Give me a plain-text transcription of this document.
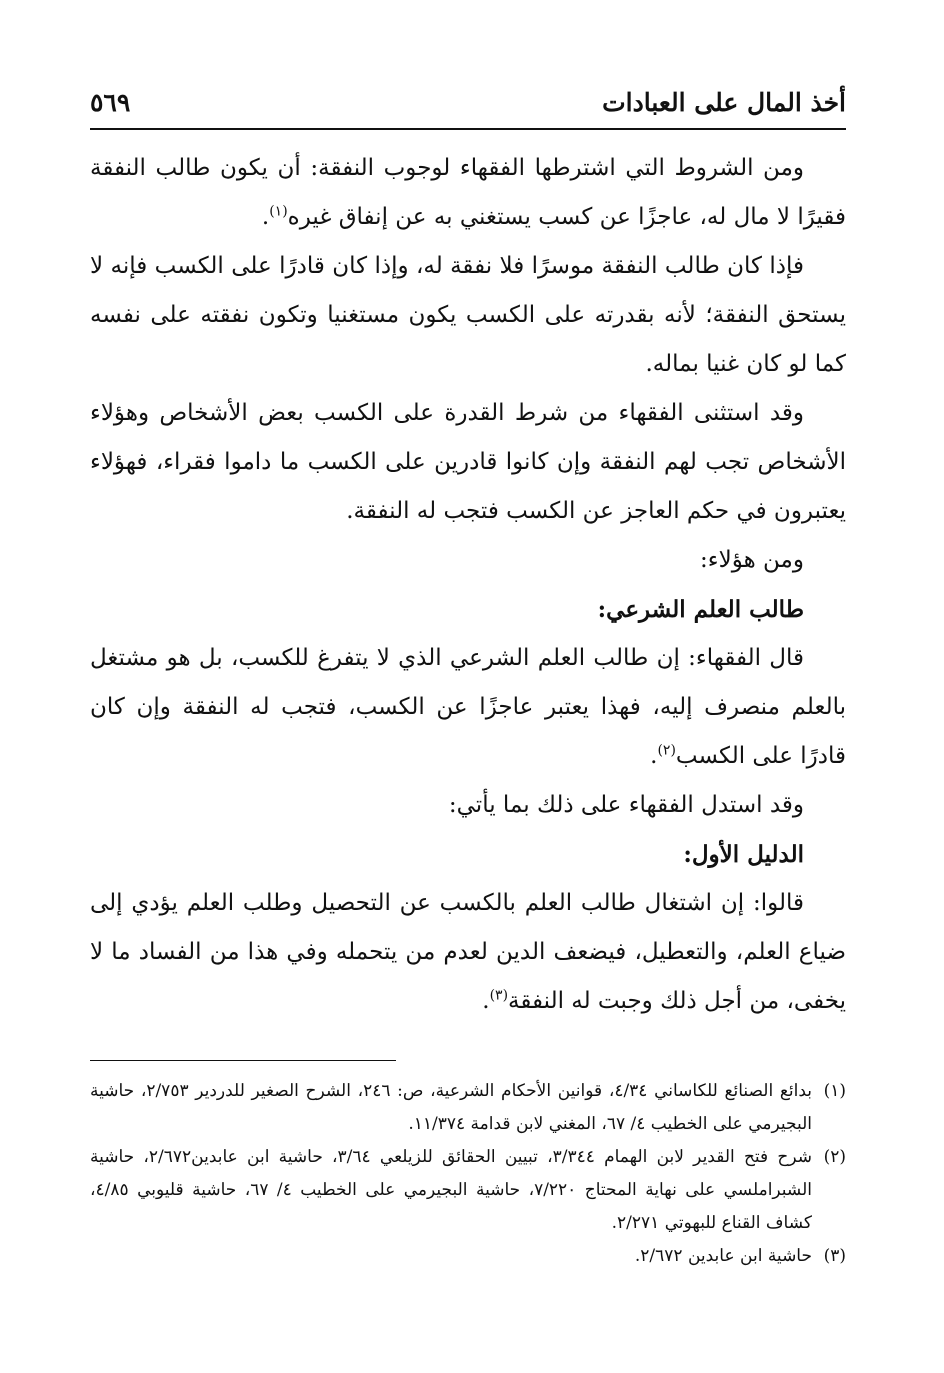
أخذ المال على العبادات
٥٦٩

ومن الشروط التي اشترطها الفقهاء لوجوب النفقة: أن يكون طالب النفقة فقيرًا لا مال له، عاجزًا عن كسب يستغني به عن إنفاق غيره$^{(١)}$.

فإذا كان طالب النفقة موسرًا فلا نفقة له، وإذا كان قادرًا على الكسب فإنه لا يستحق النفقة؛ لأنه بقدرته على الكسب يكون مستغنيا وتكون نفقته على نفسه كما لو كان غنيا بماله.

وقد استثنى الفقهاء من شرط القدرة على الكسب بعض الأشخاص وهؤلاء الأشخاص تجب لهم النفقة وإن كانوا قادرين على الكسب ما داموا فقراء، فهؤلاء يعتبرون في حكم العاجز عن الكسب فتجب له النفقة.

ومن هؤلاء:

طالب العلم الشرعي:

قال الفقهاء: إن طالب العلم الشرعي الذي لا يتفرغ للكسب، بل هو مشتغل بالعلم منصرف إليه، فهذا يعتبر عاجزًا عن الكسب، فتجب له النفقة وإن كان قادرًا على الكسب$^{(٢)}$.

وقد استدل الفقهاء على ذلك بما يأتي:

الدليل الأول:

قالوا: إن اشتغال طالب العلم بالكسب عن التحصيل وطلب العلم يؤدي إلى ضياع العلم، والتعطيل، فيضعف الدين لعدم من يتحمله وفي هذا من الفساد ما لا يخفى، من أجل ذلك وجبت له النفقة$^{(٣)}$.

(١)
بدائع الصنائع للكاساني ٤/٣٤، قوانين الأحكام الشرعية، ص: ٢٤٦، الشرح الصغير للدردير ٢/٧٥٣، حاشية البجيرمي على الخطيب ٤/ ٦٧، المغني لابن قدامة ١١/٣٧٤.
(٢)
شرح فتح القدير لابن الهمام ٣/٣٤٤، تبيين الحقائق للزيلعي ٣/٦٤، حاشية ابن عابدين٢/٦٧٢، حاشية الشبراملسي على نهاية المحتاج ٧/٢٢٠، حاشية البجيرمي على الخطيب ٤/ ٦٧، حاشية قليوبي ٤/٨٥، كشاف القناع للبهوتي ٢/٢٧١.
(٣)
حاشية ابن عابدين ٢/٦٧٢.
